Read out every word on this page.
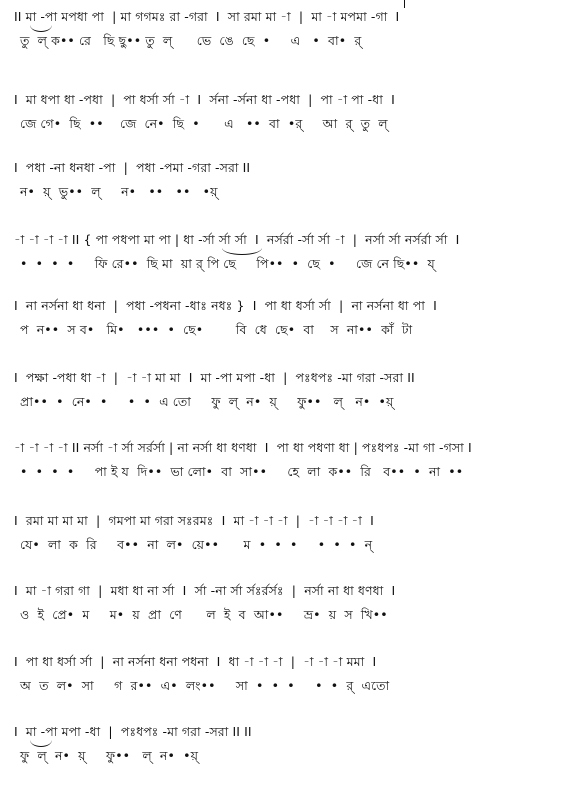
II মা -পা মপধা পা  | মা গগমঃ রা -গরা  I  সা রমা মা -া  |  মা -া মপমা -গা  I
তু  ল্ ক•• রে   ছি ছু•• তু  ল্      ভে  ঙে  ছে  •     এ   •  বা•  র্
I  মা ধপা ধা -পধা  |  পা ধর্সা র্সা -া  I  র্সনা -র্সনা ধা -পধা  |  পা -া পা -ধা  I
জে গে•  ছি  ••    জে  নে•  ছি  •      এ   ••  বা  •র্     আ  র্  তু  ল্
I  পধা -না ধনধা -পা  |  পধা -পমা -গরা -সরা II
ন•  য়্  ভু••  ল্     ন•   ••   ••   •য়্
-া -া -া -া II { পা পধপা মা পা | ধা -র্সা র্সা র্সা  I  নর্সর্রা -র্সা র্সা -া  |  নর্সা র্সা নর্সর্রা র্সা  I
•  •  •  •     ফি রে••  ছি মা  য়া র্ পি ছে     পি••  •  ছে  •     জে নে ছি••  য্
I  না নর্সনা ধা ধনা  |  পধা -পধনা -ধাঃ নধঃ }  I  পা ধা ধর্সা র্সা  |  না নর্সনা ধা পা  I
প  ন••  স ব•   মি•   •••  •  ছে•        বি  ধে  ছে•  বা    স  না••  কাঁ  টা
I  পক্ষা -পধা ধা -া  |  -া -া মা মা  I  মা -পা মপা -ধা  |  পঃধপঃ -মা গরা -সরা II
প্রা••  •  নে•  •     •  •  এ তো     ফু  ল্  ন•  য়্     ফু••   ল্   ন•  •য়্
-া -া -া -া II নর্সা -া র্সা সর্রর্সা | না নর্সা ধা ধণধা  I  পা ধা পধণা ধা | পঃধপঃ -মা গা -গসা I
•  •  •  •     পা ই য  দি••  ভা লো•  বা  সা••     হে  লা  ক••  রি   ব••  •  না  ••
I  রমা মা মা মা  |  গমপা মা গরা সঃরমঃ  I  মা -া -া -া  |  -া -া -া -া  I
যে•  লা  ক  রি     ব••  না  ল•  য়ে••      ম  •  •  •     •  •  •  ন্
I  মা -া গরা গা  |  মধা ধা না র্সা  I  র্সা -না র্সা র্সঃর্রর্সঃ  |  নর্সা না ধা ধণধা  I
ও  ই  প্রে•  ম     ম•  য়  প্রা  ণে      ল  ই  ব  আ••     ভ্র•  য়  স  খি••
I  পা ধা ধর্সা র্সা  |  না নর্সনা ধনা পধনা  I  ধা -া -া -া  |  -া -া -া মমা  I
অ  ত  ল•  সা     গ  র••  এ•  লং••     সা  •  •  •     •  •  র্  এতো
I  মা -পা মপা -ধা  |  পঃধপঃ -মা গরা -সরা II II
ফু  ল্  ন•  য়্     ফু••   ল্  ন•  •য়্
